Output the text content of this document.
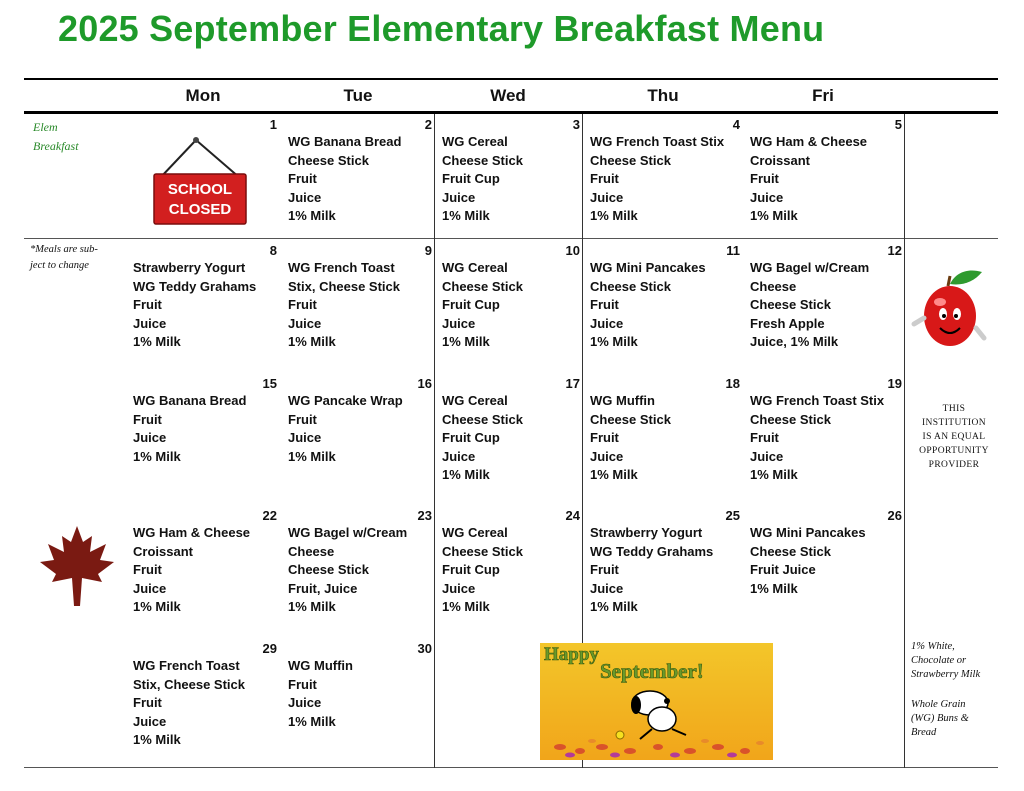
2025 September Elementary Breakfast Menu
Mon	Tue	Wed	Thu	Fri
Elem
Breakfast
*Meals are sub-
ject to change
SCHOOL
CLOSED
THIS
INSTITUTION
IS AN EQUAL
OPPORTUNITY
PROVIDER
Happy
September!
1% White,
Chocolate or
Strawberry Milk
Whole Grain
(WG) Buns &
Bread
1	2
WG Banana Bread
Cheese Stick
Fruit
Juice
1% Milk
3
WG Cereal
Cheese Stick
Fruit Cup
Juice
1% Milk
4
WG French Toast Stix
Cheese Stick
Fruit
Juice
1% Milk
5
WG Ham & Cheese
Croissant
Fruit
Juice
1% Milk
8
Strawberry Yogurt
WG Teddy Grahams
Fruit
Juice
1% Milk
9
WG French Toast
Stix, Cheese Stick
Fruit
Juice
1% Milk
10
WG Cereal
Cheese Stick
Fruit Cup
Juice
1% Milk
11
WG Mini Pancakes
Cheese Stick
Fruit
Juice
1% Milk
12
WG Bagel w/Cream
Cheese
Cheese Stick
Fresh Apple
Juice, 1% Milk
15
WG Banana Bread
Fruit
Juice
1% Milk
16
WG Pancake Wrap
Fruit
Juice
1% Milk
17
WG Cereal
Cheese Stick
Fruit Cup
Juice
1% Milk
18
WG Muffin
Cheese Stick
Fruit
Juice
1% Milk
19
WG French Toast Stix
Cheese Stick
Fruit
Juice
1% Milk
22
WG Ham & Cheese
Croissant
Fruit
Juice
1% Milk
23
WG Bagel w/Cream
Cheese
Cheese Stick
Fruit, Juice
1% Milk
24
WG Cereal
Cheese Stick
Fruit Cup
Juice
1% Milk
25
Strawberry Yogurt
WG Teddy Grahams
Fruit
Juice
1% Milk
26
WG Mini Pancakes
Cheese Stick
Fruit Juice
1% Milk
29
WG French Toast
Stix, Cheese Stick
Fruit
Juice
1% Milk
30
WG Muffin
Fruit
Juice
1% Milk
